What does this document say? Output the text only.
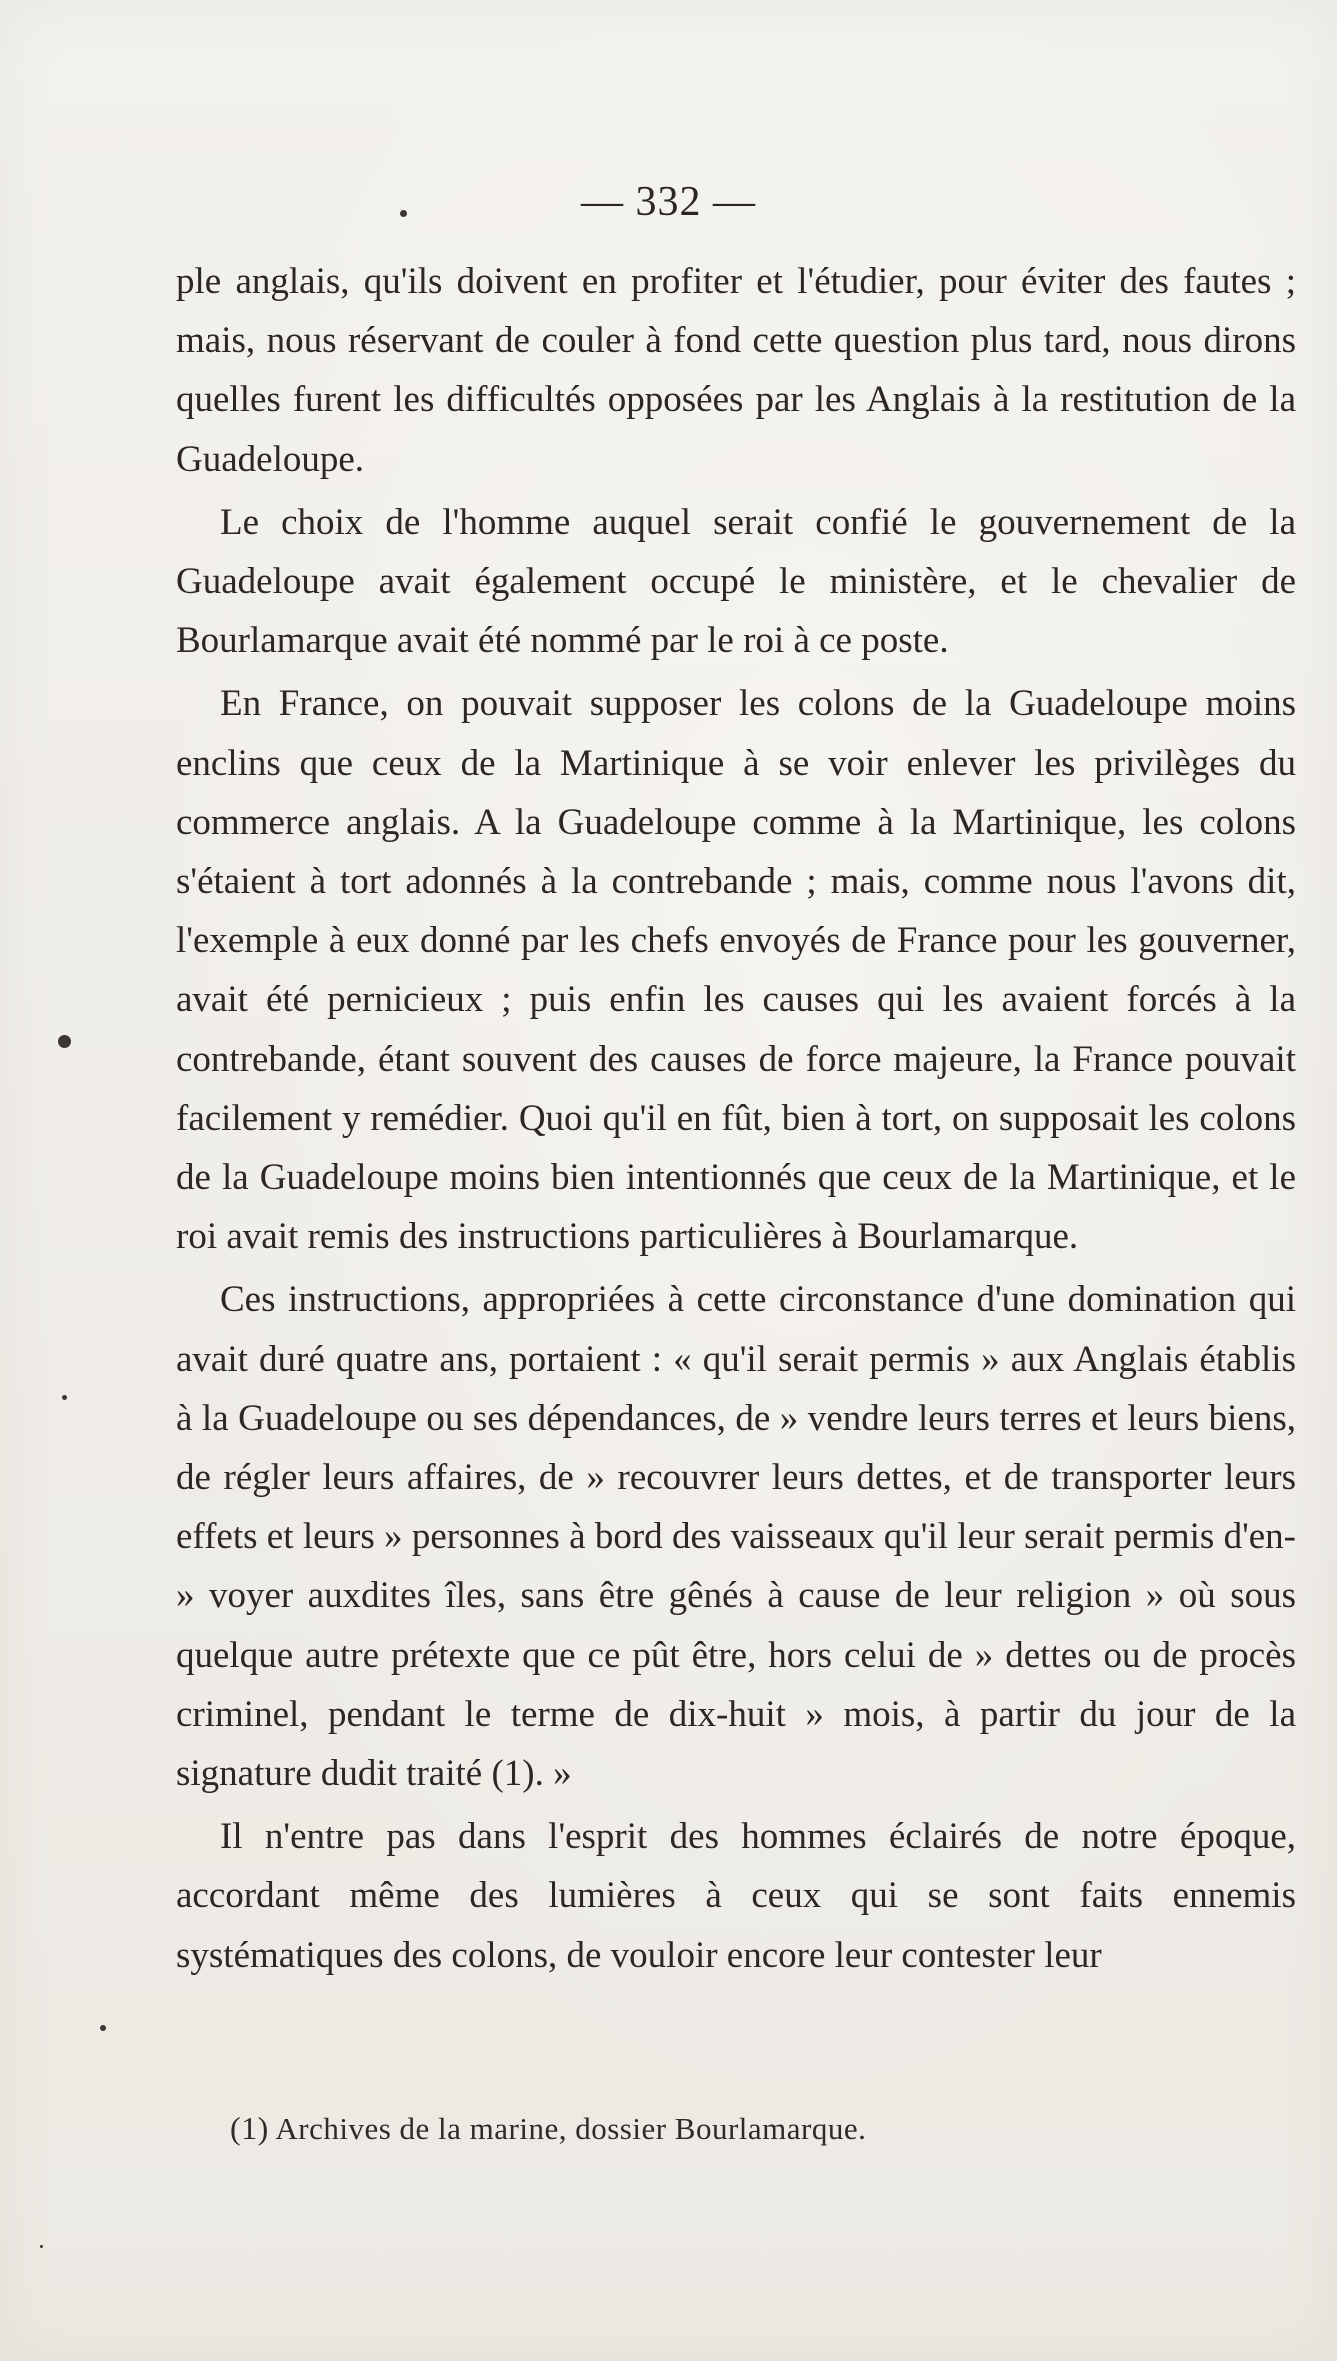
— 332 —

ple anglais, qu'ils doivent en profiter et l'étudier, pour éviter des fautes ; mais, nous réservant de couler à fond cette question plus tard, nous dirons quelles furent les difficultés opposées par les Anglais à la restitution de la Guadeloupe.

Le choix de l'homme auquel serait confié le gouvernement de la Guadeloupe avait également occupé le ministère, et le chevalier de Bourlamarque avait été nommé par le roi à ce poste.

En France, on pouvait supposer les colons de la Guadeloupe moins enclins que ceux de la Martinique à se voir enlever les privilèges du commerce anglais. A la Guadeloupe comme à la Martinique, les colons s'étaient à tort adonnés à la contrebande ; mais, comme nous l'avons dit, l'exemple à eux donné par les chefs envoyés de France pour les gouverner, avait été pernicieux ; puis enfin les causes qui les avaient forcés à la contrebande, étant souvent des causes de force majeure, la France pouvait facilement y remédier. Quoi qu'il en fût, bien à tort, on supposait les colons de la Guadeloupe moins bien intentionnés que ceux de la Martinique, et le roi avait remis des instructions particulières à Bourlamarque.

Ces instructions, appropriées à cette circonstance d'une domination qui avait duré quatre ans, portaient : « qu'il serait permis » aux Anglais établis à la Guadeloupe ou ses dépendances, de » vendre leurs terres et leurs biens, de régler leurs affaires, de » recouvrer leurs dettes, et de transporter leurs effets et leurs » personnes à bord des vaisseaux qu'il leur serait permis d'en- » voyer auxdites îles, sans être gênés à cause de leur religion » où sous quelque autre prétexte que ce pût être, hors celui de » dettes ou de procès criminel, pendant le terme de dix-huit » mois, à partir du jour de la signature dudit traité (1). »

Il n'entre pas dans l'esprit des hommes éclairés de notre époque, accordant même des lumières à ceux qui se sont faits ennemis systématiques des colons, de vouloir encore leur contester leur

(1) Archives de la marine, dossier Bourlamarque.
